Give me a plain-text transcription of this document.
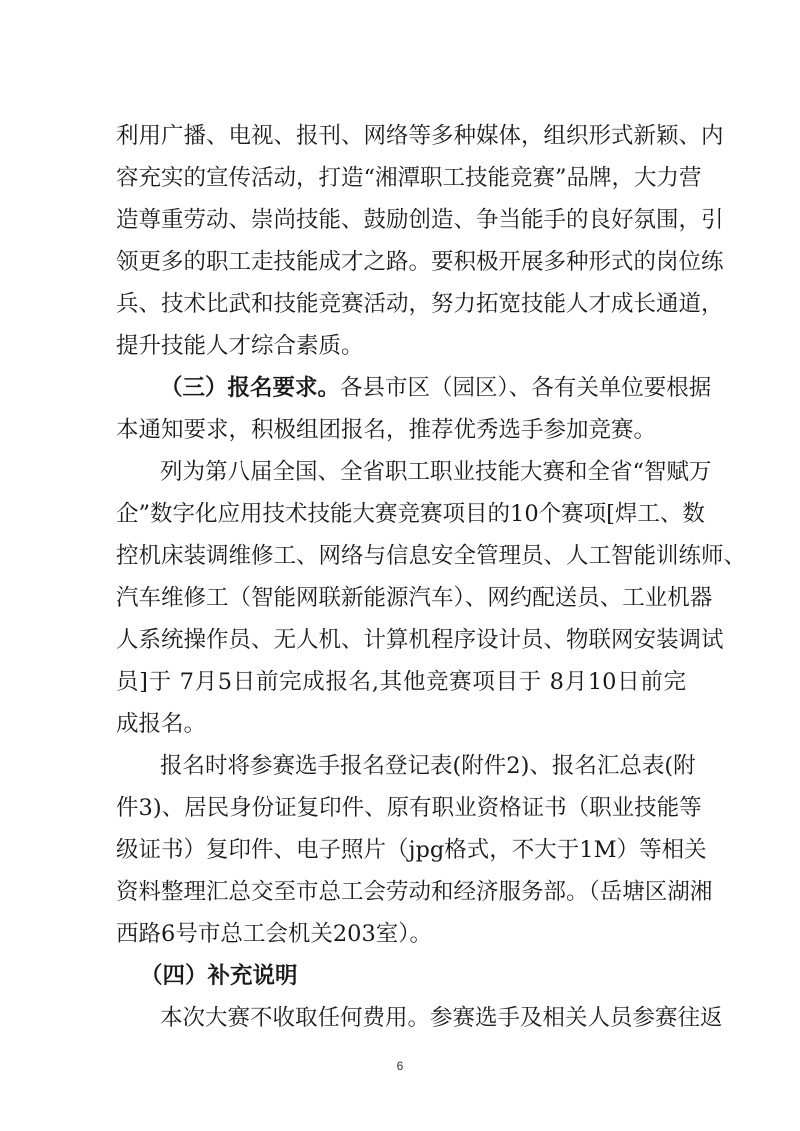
利用广播、电视、报刊、网络等多种媒体，组织形式新颖、内
容充实的宣传活动，打造“湘潭职工技能竞赛”品牌，大力营
造尊重劳动、崇尚技能、鼓励创造、争当能手的良好氛围，引
领更多的职工走技能成才之路。要积极开展多种形式的岗位练
兵、技术比武和技能竞赛活动，努力拓宽技能人才成长通道，
提升技能人才综合素质。
（三）报名要求。各县市区（园区）、各有关单位要根据
本通知要求，积极组团报名，推荐优秀选手参加竞赛。
列为第八届全国、全省职工职业技能大赛和全省“智赋万
企”数字化应用技术技能大赛竞赛项目的10个赛项[焊工、数
控机床装调维修工、网络与信息安全管理员、人工智能训练师、
汽车维修工（智能网联新能源汽车）、网约配送员、工业机器
人系统操作员、无人机、计算机程序设计员、物联网安装调试
员]于 7月5日前完成报名,其他竞赛项目于 8月10日前完
成报名。
报名时将参赛选手报名登记表(附件2)、报名汇总表(附
件3)、居民身份证复印件、原有职业资格证书（职业技能等
级证书）复印件、电子照片（jpg格式，不大于1M）等相关
资料整理汇总交至市总工会劳动和经济服务部。（岳塘区湖湘
西路6号市总工会机关203室）。
6
（四）补充说明
本次大赛不收取任何费用。参赛选手及相关人员参赛往返
